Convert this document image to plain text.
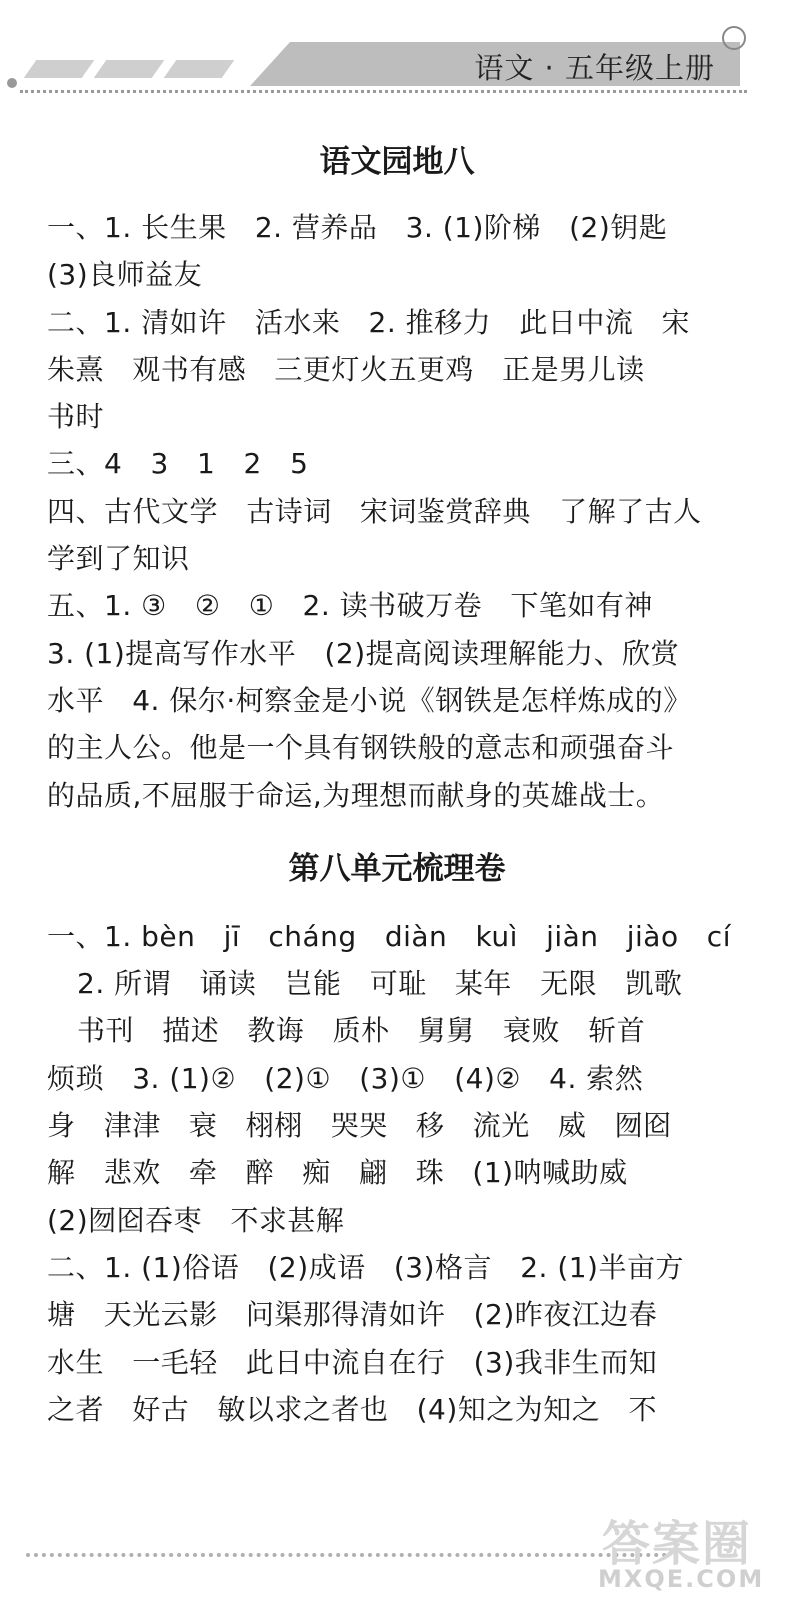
语文 · 五年级上册
语文园地八
一、1. 长生果   2. 营养品   3. (1)阶梯   (2)钥匙
(3)良师益友
二、1. 清如许   活水来   2. 推移力   此日中流   宋
朱熹   观书有感   三更灯火五更鸡   正是男儿读
书时
三、4   3   1   2   5
四、古代文学   古诗词   宋词鉴赏辞典   了解了古人
学到了知识
五、1. ③   ②   ①   2. 读书破万卷   下笔如有神
3. (1)提高写作水平   (2)提高阅读理解能力、欣赏
水平   4. 保尔·柯察金是小说《钢铁是怎样炼成的》
的主人公。他是一个具有钢铁般的意志和顽强奋斗
的品质,不屈服于命运,为理想而献身的英雄战士。
第八单元梳理卷
一、1. bèn   jī   cháng   diàn   kuì   jiàn   jiào   cí
2. 所谓   诵读   岂能   可耻   某年   无限   凯歌
书刊   描述   教诲   质朴   舅舅   衰败   斩首
烦琐   3. (1)②   (2)①   (3)①   (4)②   4. 索然
身   津津   衰   栩栩   哭哭   移   流光   威   囫囵
解   悲欢   牵   醉   痴   翩   珠   (1)呐喊助威
(2)囫囵吞枣   不求甚解
二、1. (1)俗语   (2)成语   (3)格言   2. (1)半亩方
塘   天光云影   问渠那得清如许   (2)昨夜江边春
水生   一毛轻   此日中流自在行   (3)我非生而知
之者   好古   敏以求之者也   (4)知之为知之   不
答案圈
MXQE.COM
